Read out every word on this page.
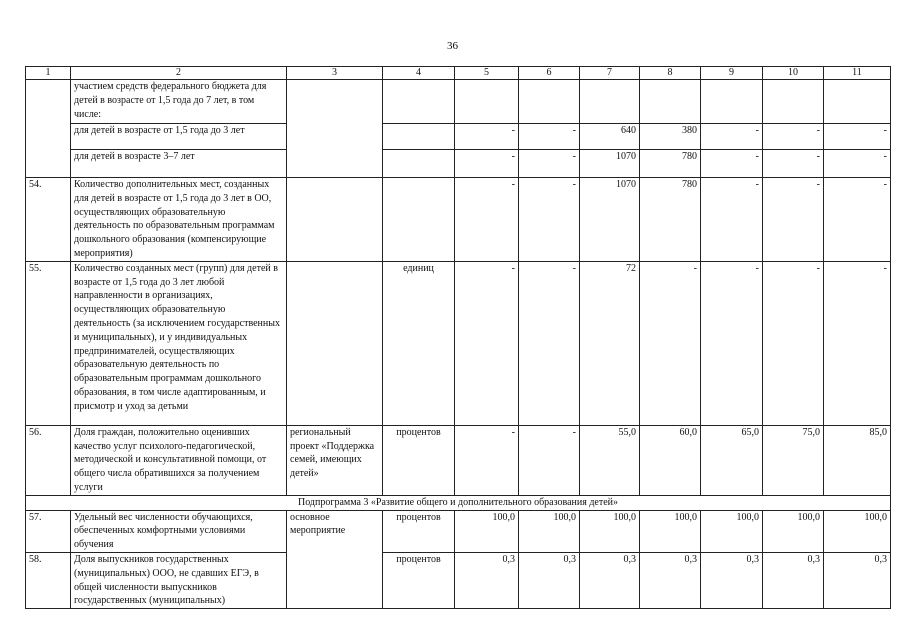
36
1	2	3	4	5	6	7	8	9	10	11
	участием средств федерального бюджета для детей в возрасте от 1,5 года до 7 лет, в том числе:									
	для детей в возрасте от 1,5 года до 3 лет			-	-	640	380	-	-	-
	для детей в возрасте 3–7 лет			-	-	1070	780	-	-	-
54.	Количество дополнительных мест, созданных для детей в возрасте от 1,5 года до 3 лет в ОО, осуществляющих образовательную деятельность по образовательным программам дошкольного образования (компенсирующие мероприятия)			-	-	1070	780	-	-	-
55.	Количество созданных мест (групп) для детей в возрасте от 1,5 года до 3 лет любой направленности в организациях, осуществляющих образовательную деятельность (за исключением государственных и муниципальных), и у индивидуальных предпринимателей, осуществляющих образовательную деятельность по образовательным программам дошкольного образования, в том числе адаптированным, и присмотр и уход за детьми		единиц	-	-	72	-	-	-	-
56.	Доля граждан, положительно оценивших качество услуг психолого-педагогической, методической и консультативной помощи, от общего числа обратившихся за получением услуги	региональный проект «Поддержка семей, имеющих детей»	процентов	-	-	55,0	60,0	65,0	75,0	85,0
Подпрограмма 3 «Развитие общего и дополнительного образования детей»										
57.	Удельный вес численности обучающихся, обеспеченных комфортными условиями обучения	основное мероприятие	процентов	100,0	100,0	100,0	100,0	100,0	100,0	100,0
58.	Доля выпускников государственных (муниципальных) ООО, не сдавших ЕГЭ, в общей численности выпускников государственных (муниципальных)		процентов	0,3	0,3	0,3	0,3	0,3	0,3	0,3
